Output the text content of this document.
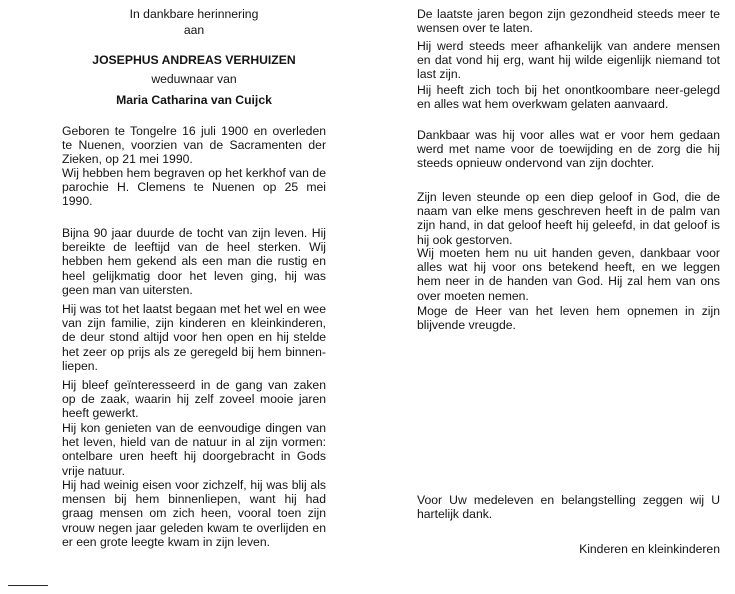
In dankbare herinnering
aan
JOSEPHUS ANDREAS VERHUIZEN
weduwnaar van
Maria Catharina van Cuijck

Geboren te Tongelre 16 juli 1900 en overleden te Nuenen, voorzien van de Sacramenten der Zieken, op 21 mei 1990.

Wij hebben hem begraven op het kerkhof van de parochie H. Clemens te Nuenen op 25 mei 1990.

Bijna 90 jaar duurde de tocht van zijn leven. Hij bereikte de leeftijd van de heel sterken. Wij hebben hem gekend als een man die rustig en heel gelijkmatig door het leven ging, hij was geen man van uitersten.

Hij was tot het laatst begaan met het wel en wee van zijn familie, zijn kinderen en kleinkinderen, de deur stond altijd voor hen open en hij stelde het zeer op prijs als ze geregeld bij hem binnen-liepen.

Hij bleef geïnteresseerd in de gang van zaken op de zaak, waarin hij zelf zoveel mooie jaren heeft gewerkt.

Hij kon genieten van de eenvoudige dingen van het leven, hield van de natuur in al zijn vormen: ontelbare uren heeft hij doorgebracht in Gods vrije natuur.

Hij had weinig eisen voor zichzelf, hij was blij als mensen bij hem binnenliepen, want hij had graag mensen om zich heen, vooral toen zijn vrouw negen jaar geleden kwam te overlijden en er een grote leegte kwam in zijn leven.

De laatste jaren begon zijn gezondheid steeds meer te wensen over te laten.

Hij werd steeds meer afhankelijk van andere mensen en dat vond hij erg, want hij wilde eigenlijk niemand tot last zijn.

Hij heeft zich toch bij het onontkoombare neer-gelegd en alles wat hem overkwam gelaten aanvaard.

Dankbaar was hij voor alles wat er voor hem gedaan werd met name voor de toewijding en de zorg die hij steeds opnieuw ondervond van zijn dochter.

Zijn leven steunde op een diep geloof in God, die de naam van elke mens geschreven heeft in de palm van zijn hand, in dat geloof heeft hij geleefd, in dat geloof is hij ook gestorven.

Wij moeten hem nu uit handen geven, dankbaar voor alles wat hij voor ons betekend heeft, en we leggen hem neer in de handen van God. Hij zal hem van ons over moeten nemen.

Moge de Heer van het leven hem opnemen in zijn blijvende vreugde.

Voor Uw medeleven en belangstelling zeggen wij U hartelijk dank.

Kinderen en kleinkinderen
